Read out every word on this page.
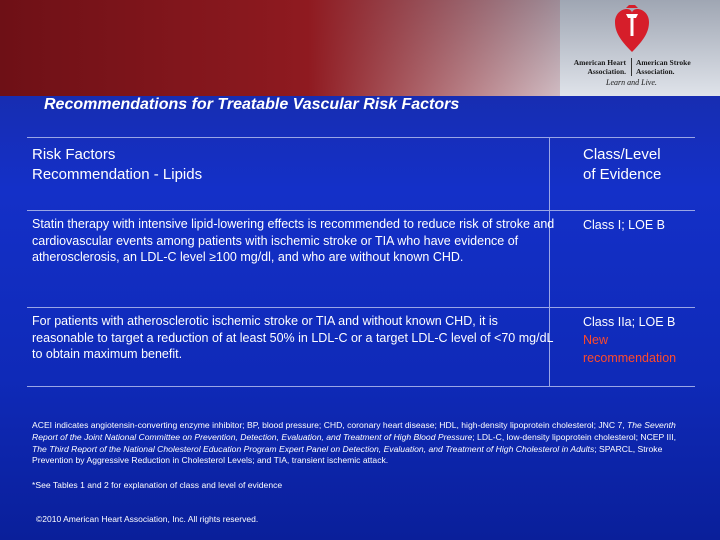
American Heart
Association.
American Stroke
Association.
Learn and Live.
Recommendations for Treatable Vascular Risk Factors
Risk Factors
Recommendation - Lipids
Class/Level
of Evidence
Statin therapy with intensive lipid-lowering effects is recommended to reduce risk of stroke and cardiovascular events among patients with ischemic stroke or TIA who have evidence of atherosclerosis, an LDL-C level ≥100 mg/dl, and who are without known CHD.
Class I; LOE B
For patients with atherosclerotic ischemic stroke or TIA and without known CHD, it is reasonable to target a reduction of at least 50% in LDL-C or a target LDL-C level of <70 mg/dL to obtain maximum benefit.
Class IIa; LOE B
New recommendation
ACEI indicates angiotensin-converting enzyme inhibitor; BP, blood pressure; CHD, coronary heart disease; HDL, high-density lipoprotein cholesterol; JNC 7, The Seventh Report of the Joint National Committee on Prevention, Detection, Evaluation, and Treatment of High Blood Pressure; LDL-C, low-density lipoprotein cholesterol; NCEP III, The Third Report of the National Cholesterol Education Program Expert Panel on Detection, Evaluation, and Treatment of High Cholesterol in Adults; SPARCL, Stroke Prevention by Aggressive Reduction in Cholesterol Levels; and TIA, transient ischemic attack.
*See Tables 1 and 2 for explanation of class and level of evidence
©2010 American Heart Association, Inc. All rights reserved.
